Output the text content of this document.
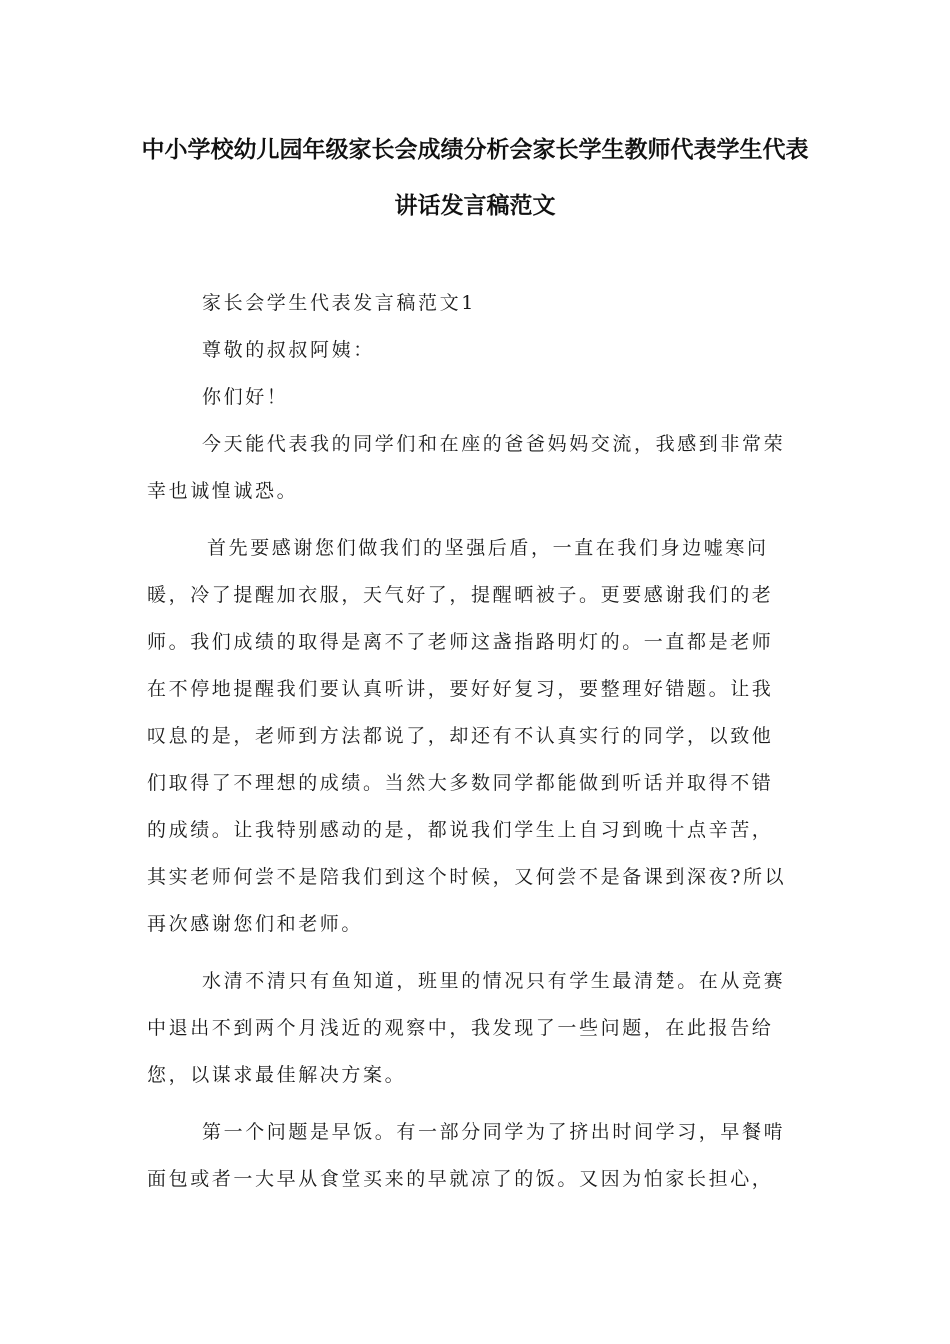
中小学校幼儿园年级家长会成绩分析会家长学生教师代表学生代表
讲话发言稿范文
家长会学生代表发言稿范文1
尊敬的叔叔阿姨：
你们好！
今天能代表我的同学们和在座的爸爸妈妈交流，我感到非常荣
幸也诚惶诚恐。
首先要感谢您们做我们的坚强后盾，一直在我们身边嘘寒问
暖，冷了提醒加衣服，天气好了，提醒晒被子。更要感谢我们的老
师。我们成绩的取得是离不了老师这盏指路明灯的。一直都是老师
在不停地提醒我们要认真听讲，要好好复习，要整理好错题。让我
叹息的是，老师到方法都说了，却还有不认真实行的同学，以致他
们取得了不理想的成绩。当然大多数同学都能做到听话并取得不错
的成绩。让我特别感动的是，都说我们学生上自习到晚十点辛苦，
其实老师何尝不是陪我们到这个时候，又何尝不是备课到深夜?所以
再次感谢您们和老师。
水清不清只有鱼知道，班里的情况只有学生最清楚。在从竞赛
中退出不到两个月浅近的观察中，我发现了一些问题，在此报告给
您，以谋求最佳解决方案。
第一个问题是早饭。有一部分同学为了挤出时间学习，早餐啃
面包或者一大早从食堂买来的早就凉了的饭。又因为怕家长担心，
